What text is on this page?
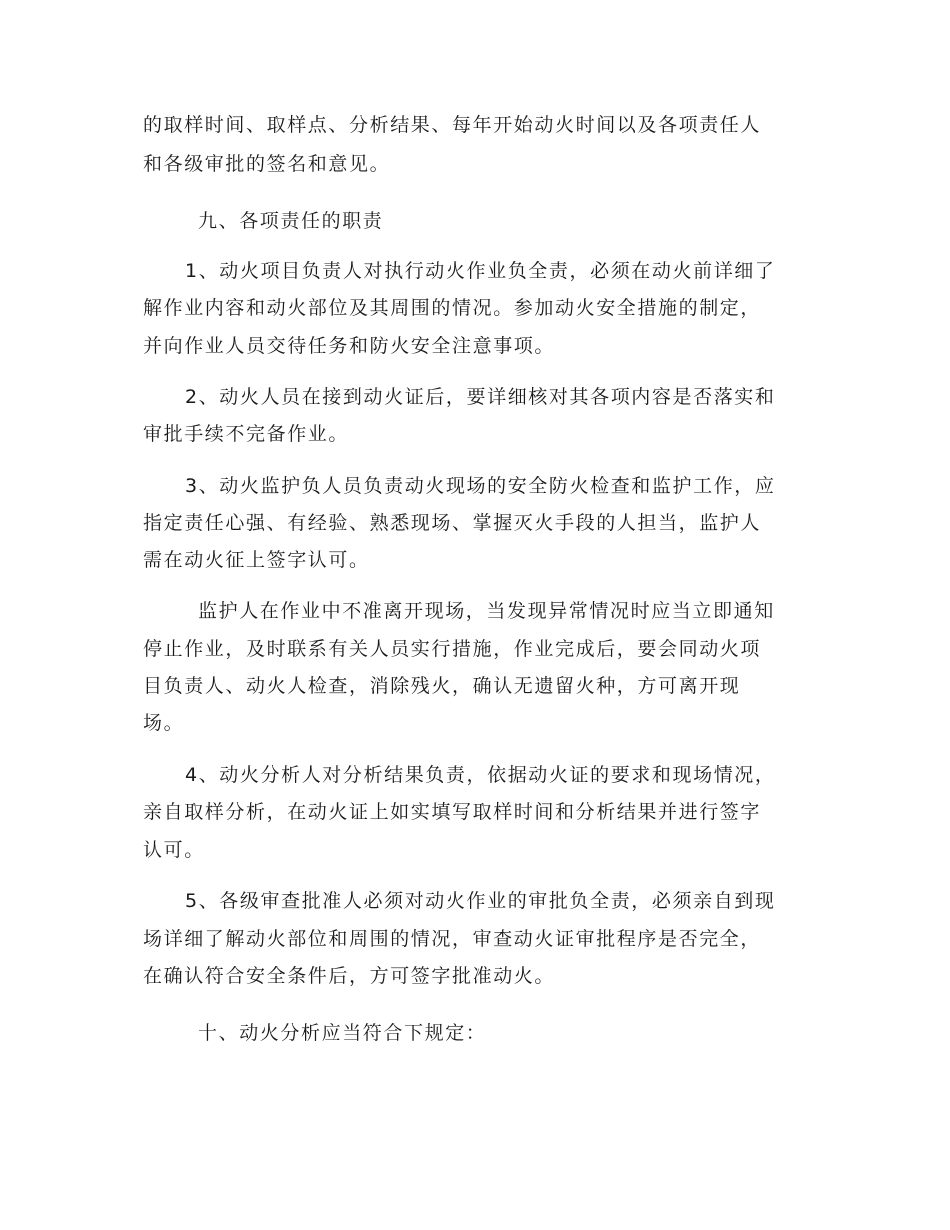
的取样时间、取样点、分析结果、每年开始动火时间以及各项责任人
和各级审批的签名和意见。
九、各项责任的职责
1、动火项目负责人对执行动火作业负全责，必须在动火前详细了
解作业内容和动火部位及其周围的情况。参加动火安全措施的制定，
并向作业人员交待任务和防火安全注意事项。
2、动火人员在接到动火证后，要详细核对其各项内容是否落实和
审批手续不完备作业。
3、动火监护负人员负责动火现场的安全防火检查和监护工作，应
指定责任心强、有经验、熟悉现场、掌握灭火手段的人担当，监护人
需在动火征上签字认可。
监护人在作业中不准离开现场，当发现异常情况时应当立即通知
停止作业，及时联系有关人员实行措施，作业完成后，要会同动火项
目负责人、动火人检查，消除残火，确认无遗留火种，方可离开现
场。
4、动火分析人对分析结果负责，依据动火证的要求和现场情况，
亲自取样分析，在动火证上如实填写取样时间和分析结果并进行签字
认可。
5、各级审查批准人必须对动火作业的审批负全责，必须亲自到现
场详细了解动火部位和周围的情况，审查动火证审批程序是否完全，
在确认符合安全条件后，方可签字批准动火。
十、动火分析应当符合下规定：
